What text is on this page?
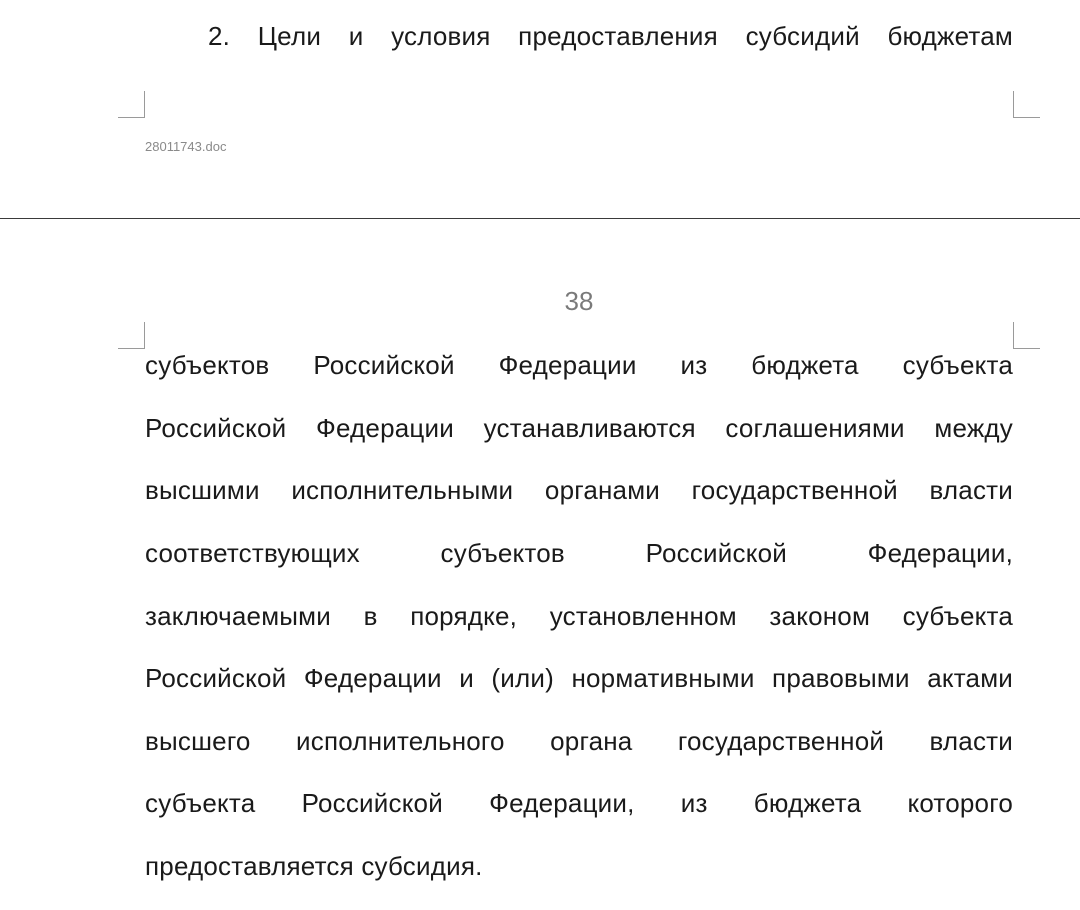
2. Цели и условия предоставления субсидий бюджетам
28011743.doc
38
субъектов Российской Федерации из бюджета субъекта
Российской Федерации устанавливаются соглашениями между
высшими исполнительными органами государственной власти
соответствующих субъектов Российской Федерации,
заключаемыми в порядке, установленном законом субъекта
Российской Федерации и (или) нормативными правовыми актами
высшего исполнительного органа государственной власти
субъекта Российской Федерации, из бюджета которого
предоставляется субсидия.
